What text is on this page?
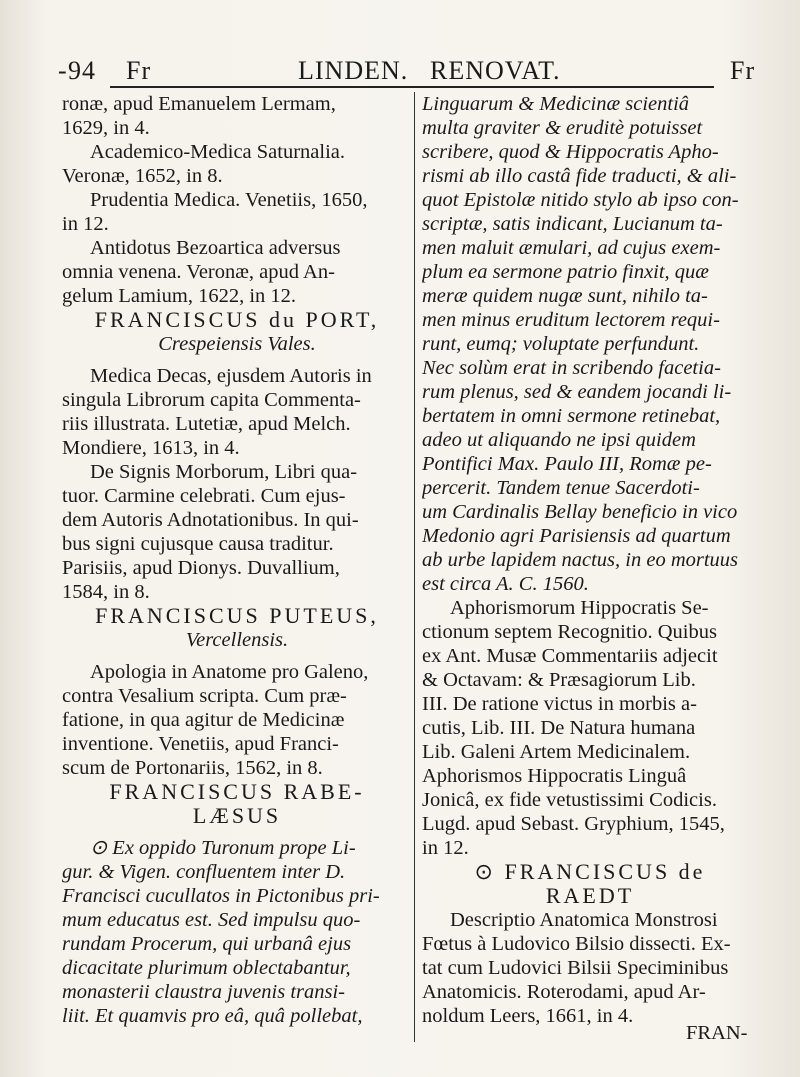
- 94 Fr	LINDEN. RENOVAT.	Fr
ronæ, apud Emanuelem Lermam,
1629, in 4.
Academico-Medica Saturnalia.
Veronæ, 1652, in 8.
Prudentia Medica. Venetiis, 1650,
in 12.
Antidotus Bezoartica adversus
omnia venena. Veronæ, apud An-
gelum Lamium, 1622, in 12.
FRANCISCUS du PORT,
Crespeiensis Vales.
Medica Decas, ejusdem Autoris in
singula Librorum capita Commenta-
riis illustrata. Lutetiæ, apud Melch.
Mondiere, 1613, in 4.
De Signis Morborum, Libri qua-
tuor. Carmine celebrati. Cum ejus-
dem Autoris Adnotationibus. In qui-
bus signi cujusque causa traditur.
Parisiis, apud Dionys. Duvallium,
1584, in 8.
FRANCISCUS PUTEUS,
Vercellensis.
Apologia in Anatome pro Galeno,
contra Vesalium scripta. Cum præ-
fatione, in qua agitur de Medicinæ
inventione. Venetiis, apud Franci-
scum de Portonariis, 1562, in 8.
FRANCISCUS RABE-
LÆSUS
⊙ Ex oppido Turonum prope Li-
gur. & Vigen. confluentem inter D.
Francisci cucullatos in Pictonibus pri-
mum educatus est. Sed impulsu quo-
rundam Procerum, qui urbanâ ejus
dicacitate plurimum oblectabantur,
monasterii claustra juvenis transi-
liit. Et quamvis pro eâ, quâ pollebat,
Linguarum & Medicinæ scientiâ
multa graviter & eruditè potuisset
scribere, quod & Hippocratis Apho-
rismi ab illo castâ fide traducti, & ali-
quot Epistolæ nitido stylo ab ipso con-
scriptæ, satis indicant, Lucianum ta-
men maluit æmulari, ad cujus exem-
plum ea sermone patrio finxit, quæ
meræ quidem nugæ sunt, nihilo ta-
men minus eruditum lectorem requi-
runt, eumq; voluptate perfundunt.
Nec solùm erat in scribendo facetia-
rum plenus, sed & eandem jocandi li-
bertatem in omni sermone retinebat,
adeo ut aliquando ne ipsi quidem
Pontifici Max. Paulo III, Romæ pe-
percerit. Tandem tenue Sacerdoti-
um Cardinalis Bellay beneficio in vico
Medonio agri Parisiensis ad quartum
ab urbe lapidem nactus, in eo mortuus
est circa A. C. 1560.
Aphorismorum Hippocratis Se-
ctionum septem Recognitio. Quibus
ex Ant. Musæ Commentariis adjecit
& Octavam: & Præsagiorum Lib.
III. De ratione victus in morbis a-
cutis, Lib. III. De Natura humana
Lib. Galeni Artem Medicinalem.
Aphorismos Hippocratis Linguâ
Jonicâ, ex fide vetustissimi Codicis.
Lugd. apud Sebast. Gryphium, 1545,
in 12.
⊙ FRANCISCUS de
RAEDT
Descriptio Anatomica Monstrosi
Fœtus à Ludovico Bilsio dissecti. Ex-
tat cum Ludovici Bilsii Speciminibus
Anatomicis. Roterodami, apud Ar-
noldum Leers, 1661, in 4.
FRAN-
